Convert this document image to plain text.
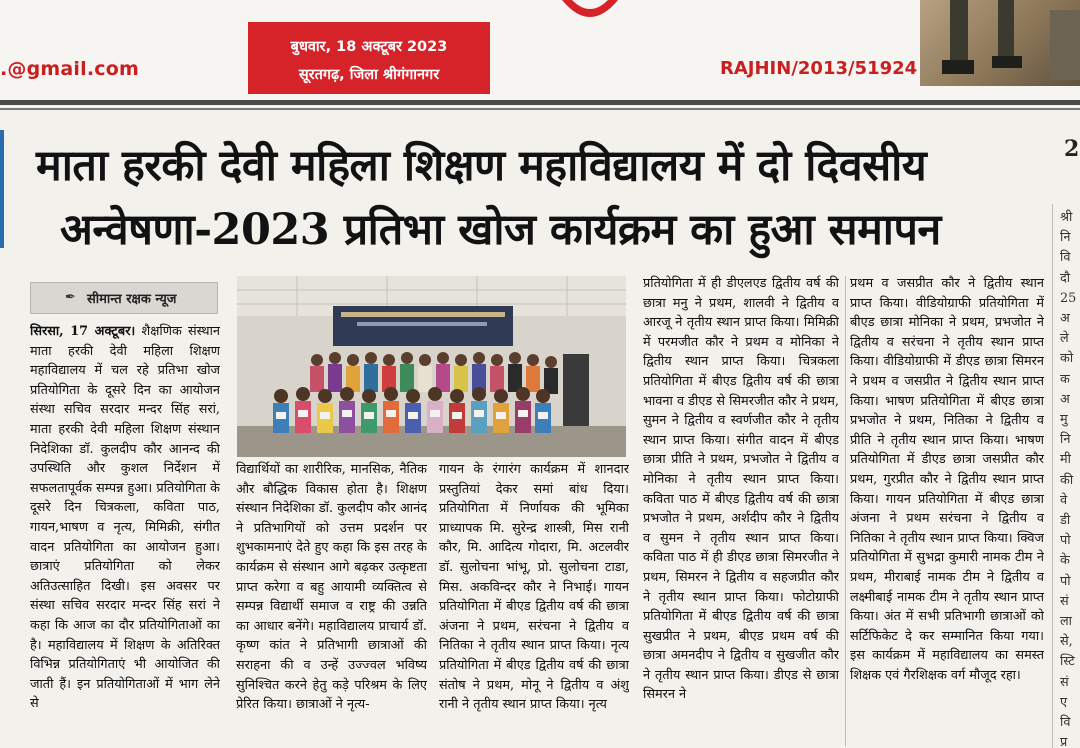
.@gmail.com
बुधवार, 18 अक्टूबर 2023
सूरतगढ़, जिला श्रीगंगानगर	RAJHIN/2013/51924
माता हरकी देवी महिला शिक्षण महाविद्यालय में दो दिवसीय
अन्वेषणा-2023 प्रतिभा खोज कार्यक्रम का हुआ समापन
2
✒ सीमान्त रक्षक न्यूज
सिरसा, 17 अक्टूबर। शैक्षणिक संस्थान माता हरकी देवी महिला शिक्षण महाविद्यालय में चल रहे प्रतिभा खोज प्रतियोगिता के दूसरे दिन का आयोजन संस्था सचिव सरदार मन्दर सिंह सरां, माता हरकी देवी महिला शिक्षण संस्थान निदेशिका डॉ. कुलदीप कौर आनन्द की उपस्थिति और कुशल निर्देशन में सफलतापूर्वक सम्पन्न हुआ। प्रतियोगिता के दूसरे दिन चित्रकला, कविता पाठ, गायन,भाषण व नृत्य, मिमिक्री, संगीत वादन प्रतियोगिता का आयोजन हुआ। छात्राएं प्रतियोगिता को लेकर अतिउत्साहित दिखी। इस अवसर पर संस्था सचिव सरदार मन्दर सिंह सरां ने कहा कि आज का दौर प्रतियोगिताओं का है। महाविद्यालय में शिक्षण के अतिरिक्त विभिन्न प्रतियोगिताएं भी आयोजित की जाती हैं। इन प्रतियोगिताओं में भाग लेने से
विद्यार्थियों का शारीरिक, मानसिक, नैतिक और बौद्धिक विकास होता है। शिक्षण संस्थान निदेशिका डॉ. कुलदीप कौर आनंद ने प्रतिभागियों को उत्तम प्रदर्शन पर शुभकामनाएं देते हुए कहा कि इस तरह के कार्यक्रम से संस्थान आगे बढ़कर उत्कृष्टता प्राप्त करेगा व बहु आयामी व्यक्तित्व से सम्पन्न विद्यार्थी समाज व राष्ट्र की उन्नति का आधार बनेंगे। महाविद्यालय प्राचार्य डॉ. कृष्ण कांत ने प्रतिभागी छात्राओं की सराहना की व उन्हें उज्ज्वल भविष्य सुनिश्चित करने हेतु कड़े परिश्रम के लिए प्रेरित किया। छात्राओं ने नृत्य-
गायन के रंगारंग कार्यक्रम में शानदार प्रस्तुतियां देकर समां बांध दिया। प्रतियोगिता में निर्णायक की भूमिका प्राध्यापक मि. सुरेन्द्र शास्त्री, मिस रानी कौर, मि. आदित्य गोदारा, मि. अटलवीर डॉ. सुलोचना भांभू, प्रो. सुलोचना टाडा, मिस. अकविन्दर कौर ने निभाई। गायन प्रतियोगिता में बीएड द्वितीय वर्ष की छात्रा अंजना ने प्रथम, सरंचना ने द्वितीय व नितिका ने तृतीय स्थान प्राप्त किया। नृत्य प्रतियोगिता में बीएड द्वितीय वर्ष की छात्रा संतोष ने प्रथम, मोनू ने द्वितीय व अंशु रानी ने तृतीय स्थान प्राप्त किया। नृत्य
प्रतियोगिता में ही डीएलएड द्वितीय वर्ष की छात्रा मनु ने प्रथम, शालवी ने द्वितीय व आरजू ने तृतीय स्थान प्राप्त किया। मिमिक्री में परमजीत कौर ने प्रथम व मोनिका ने द्वितीय स्थान प्राप्त किया। चित्रकला प्रतियोगिता में बीएड द्वितीय वर्ष की छात्रा भावना व डीएड से सिमरजीत कौर ने प्रथम, सुमन ने द्वितीय व स्वर्णजीत कौर ने तृतीय स्थान प्राप्त किया। संगीत वादन में बीएड छात्रा प्रीति ने प्रथम, प्रभजोत ने द्वितीय व मोनिका ने तृतीय स्थान प्राप्त किया। कविता पाठ में बीएड द्वितीय वर्ष की छात्रा प्रभजोत ने प्रथम, अर्शदीप कौर ने द्वितीय व सुमन ने तृतीय स्थान प्राप्त किया। कविता पाठ में ही डीएड छात्रा सिमरजीत ने प्रथम, सिमरन ने द्वितीय व सहजप्रीत कौर ने तृतीय स्थान प्राप्त किया। फोटोग्राफी प्रतियोगिता में बीएड द्वितीय वर्ष की छात्रा सुखप्रीत ने प्रथम, बीएड प्रथम वर्ष की छात्रा अमनदीप ने द्वितीय व सुखजीत कौर ने तृतीय स्थान प्राप्त किया। डीएड से छात्रा सिमरन ने
प्रथम व जसप्रीत कौर ने द्वितीय स्थान प्राप्त किया। वीडियोग्राफी प्रतियोगिता में बीएड छात्रा मोनिका ने प्रथम, प्रभजोत ने द्वितीय व सरंचना ने तृतीय स्थान प्राप्त किया। वीडियोग्राफी में डीएड छात्रा सिमरन ने प्रथम व जसप्रीत ने द्वितीय स्थान प्राप्त किया। भाषण प्रतियोगिता में बीएड छात्रा प्रभजोत ने प्रथम, नितिका ने द्वितीय व प्रीति ने तृतीय स्थान प्राप्त किया। भाषण प्रतियोगिता में डीएड छात्रा जसप्रीत कौर प्रथम, गुरप्रीत कौर ने द्वितीय स्थान प्राप्त किया। गायन प्रतियोगिता में बीएड छात्रा अंजना ने प्रथम सरंचना ने द्वितीय व नितिका ने तृतीय स्थान प्राप्त किया। क्विज प्रतियोगिता में सुभद्रा कुमारी नामक टीम ने प्रथम, मीराबाई नामक टीम ने द्वितीय व लक्ष्मीबाई नामक टीम ने तृतीय स्थान प्राप्त किया। अंत में सभी प्रतिभागी छात्राओं को सर्टिफिकेट दे कर सम्मानित किया गया। इस कार्यक्रम में महाविद्यालय का समस्त शिक्षक एवं गैरशिक्षक वर्ग मौजूद रहा।
श्री
नि
वि
दौ
25
अ
ले
को
क
अ
मु
नि
मी
की
वे
डी
पो
के
पो
सं
ला
से,
स्टि
सं
ए
वि
प्र
